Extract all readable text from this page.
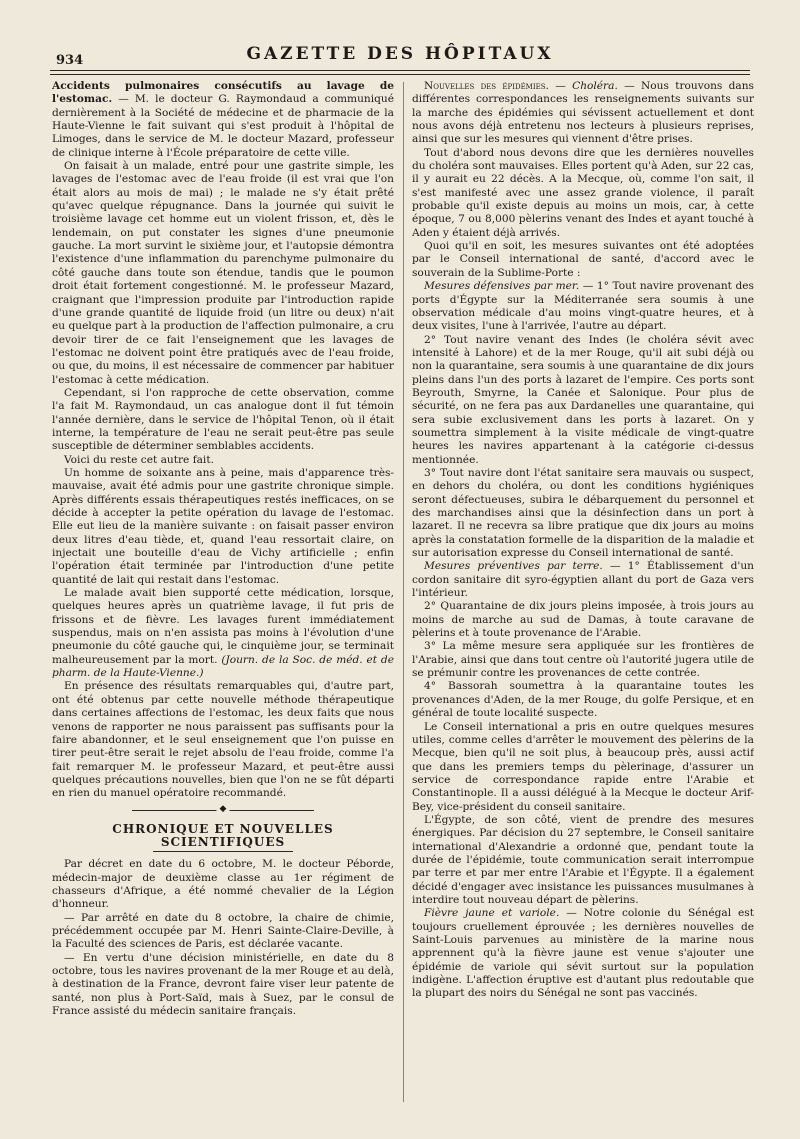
934	GAZETTE DES HÔPITAUX

Accidents pulmonaires consécutifs au lavage de l'estomac. — M. le docteur G. Raymondaud a communiqué dernièrement à la Société de médecine et de pharmacie de la Haute-Vienne le fait suivant qui s'est produit à l'hôpital de Limoges, dans le service de M. le docteur Mazard, professeur de clinique interne à l'École préparatoire de cette ville.

On faisait à un malade, entré pour une gastrite simple, les lavages de l'estomac avec de l'eau froide (il est vrai que l'on était alors au mois de mai) ; le malade ne s'y était prêté qu'avec quelque répugnance. Dans la journée qui suivit le troisième lavage cet homme eut un violent frisson, et, dès le lendemain, on put constater les signes d'une pneumonie gauche. La mort survint le sixième jour, et l'autopsie démontra l'existence d'une inflammation du parenchyme pulmonaire du côté gauche dans toute son étendue, tandis que le poumon droit était fortement congestionné. M. le professeur Mazard, craignant que l'impression produite par l'introduction rapide d'une grande quantité de liquide froid (un litre ou deux) n'ait eu quelque part à la production de l'affection pulmonaire, a cru devoir tirer de ce fait l'enseignement que les lavages de l'estomac ne doivent point être pratiqués avec de l'eau froide, ou que, du moins, il est nécessaire de commencer par habituer l'estomac à cette médication.

Cependant, si l'on rapproche de cette observation, comme l'a fait M. Raymondaud, un cas analogue dont il fut témoin l'année dernière, dans le service de l'hôpital Tenon, où il était interne, la température de l'eau ne serait peut-être pas seule susceptible de déterminer semblables accidents.

Voici du reste cet autre fait.

Un homme de soixante ans à peine, mais d'apparence très-mauvaise, avait été admis pour une gastrite chronique simple. Après différents essais thérapeutiques restés inefficaces, on se décide à accepter la petite opération du lavage de l'estomac. Elle eut lieu de la manière suivante : on faisait passer environ deux litres d'eau tiède, et, quand l'eau ressortait claire, on injectait une bouteille d'eau de Vichy artificielle ; enfin l'opération était terminée par l'introduction d'une petite quantité de lait qui restait dans l'estomac.

Le malade avait bien supporté cette médication, lorsque, quelques heures après un quatrième lavage, il fut pris de frissons et de fièvre. Les lavages furent immédiatement suspendus, mais on n'en assista pas moins à l'évolution d'une pneumonie du côté gauche qui, le cinquième jour, se terminait malheureusement par la mort. (Journ. de la Soc. de méd. et de pharm. de la Haute-Vienne.)

En présence des résultats remarquables qui, d'autre part, ont été obtenus par cette nouvelle méthode thérapeutique dans certaines affections de l'estomac, les deux faits que nous venons de rapporter ne nous paraissent pas suffisants pour la faire abandonner, et le seul enseignement que l'on puisse en tirer peut-être serait le rejet absolu de l'eau froide, comme l'a fait remarquer M. le professeur Mazard, et peut-être aussi quelques précautions nouvelles, bien que l'on ne se fût départi en rien du manuel opératoire recommandé.

◆
CHRONIQUE ET NOUVELLES SCIENTIFIQUES

Par décret en date du 6 octobre, M. le docteur Péborde, médecin-major de deuxième classe au 1er régiment de chasseurs d'Afrique, a été nommé chevalier de la Légion d'honneur.

— Par arrêté en date du 8 octobre, la chaire de chimie, précédemment occupée par M. Henri Sainte-Claire-Deville, à la Faculté des sciences de Paris, est déclarée vacante.

— En vertu d'une décision ministérielle, en date du 8 octobre, tous les navires provenant de la mer Rouge et au delà, à destination de la France, devront faire viser leur patente de santé, non plus à Port-Saïd, mais à Suez, par le consul de France assisté du médecin sanitaire français.

Nouvelles des épidémies. — Choléra. — Nous trouvons dans différentes correspondances les renseignements suivants sur la marche des épidémies qui sévissent actuellement et dont nous avons déjà entretenu nos lecteurs à plusieurs reprises, ainsi que sur les mesures qui viennent d'être prises.

Tout d'abord nous devons dire que les dernières nouvelles du choléra sont mauvaises. Elles portent qu'à Aden, sur 22 cas, il y aurait eu 22 décès. A la Mecque, où, comme l'on sait, il s'est manifesté avec une assez grande violence, il paraît probable qu'il existe depuis au moins un mois, car, à cette époque, 7 ou 8,000 pèlerins venant des Indes et ayant touché à Aden y étaient déjà arrivés.

Quoi qu'il en soit, les mesures suivantes ont été adoptées par le Conseil international de santé, d'accord avec le souverain de la Sublime-Porte :

Mesures défensives par mer. — 1° Tout navire provenant des ports d'Égypte sur la Méditerranée sera soumis à une observation médicale d'au moins vingt-quatre heures, et à deux visites, l'une à l'arrivée, l'autre au départ.

2° Tout navire venant des Indes (le choléra sévit avec intensité à Lahore) et de la mer Rouge, qu'il ait subi déjà ou non la quarantaine, sera soumis à une quarantaine de dix jours pleins dans l'un des ports à lazaret de l'empire. Ces ports sont Beyrouth, Smyrne, la Canée et Salonique. Pour plus de sécurité, on ne fera pas aux Dardanelles une quarantaine, qui sera subie exclusivement dans les ports à lazaret. On y soumettra simplement à la visite médicale de vingt-quatre heures les navires appartenant à la catégorie ci-dessus mentionnée.

3° Tout navire dont l'état sanitaire sera mauvais ou suspect, en dehors du choléra, ou dont les conditions hygiéniques seront défectueuses, subira le débarquement du personnel et des marchandises ainsi que la désinfection dans un port à lazaret. Il ne recevra sa libre pratique que dix jours au moins après la constatation formelle de la disparition de la maladie et sur autorisation expresse du Conseil international de santé.

Mesures préventives par terre. — 1° Établissement d'un cordon sanitaire dit syro-égyptien allant du port de Gaza vers l'intérieur.

2° Quarantaine de dix jours pleins imposée, à trois jours au moins de marche au sud de Damas, à toute caravane de pèlerins et à toute provenance de l'Arabie.

3° La même mesure sera appliquée sur les frontières de l'Arabie, ainsi que dans tout centre où l'autorité jugera utile de se prémunir contre les provenances de cette contrée.

4° Bassorah soumettra à la quarantaine toutes les provenances d'Aden, de la mer Rouge, du golfe Persique, et en général de toute localité suspecte.

Le Conseil international a pris en outre quelques mesures utiles, comme celles d'arrêter le mouvement des pèlerins de la Mecque, bien qu'il ne soit plus, à beaucoup près, aussi actif que dans les premiers temps du pèlerinage, d'assurer un service de correspondance rapide entre l'Arabie et Constantinople. Il a aussi délégué à la Mecque le docteur Arif-Bey, vice-président du conseil sanitaire.

L'Égypte, de son côté, vient de prendre des mesures énergiques. Par décision du 27 septembre, le Conseil sanitaire international d'Alexandrie a ordonné que, pendant toute la durée de l'épidémie, toute communication serait interrompue par terre et par mer entre l'Arabie et l'Égypte. Il a également décidé d'engager avec insistance les puissances musulmanes à interdire tout nouveau départ de pèlerins.

Fièvre jaune et variole. — Notre colonie du Sénégal est toujours cruellement éprouvée ; les dernières nouvelles de Saint-Louis parvenues au ministère de la marine nous apprennent qu'à la fièvre jaune est venue s'ajouter une épidémie de variole qui sévit surtout sur la population indigène. L'affection éruptive est d'autant plus redoutable que la plupart des noirs du Sénégal ne sont pas vaccinés.
